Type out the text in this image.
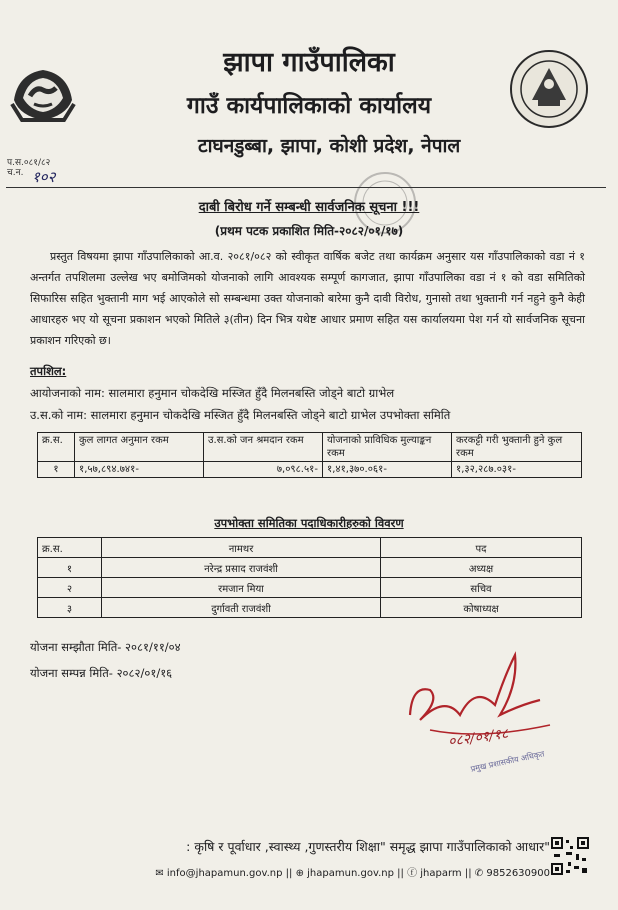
झापा गाउँपालिका
गाउँ कार्यपालिकाको कार्यालय
टाघनडुब्बा, झापा, कोशी प्रदेश, नेपाल
प.स.०८१/८२
च.न. १०२
दाबी बिरोध गर्ने सम्बन्धी सार्वजनिक सूचना !!!
(प्रथम पटक प्रकाशित मिति-२०८२/०१/१७)
प्रस्तुत विषयमा झापा गाँउपालिकाको आ.व. २०८१/०८२ को स्वीकृत वार्षिक बजेट तथा कार्यक्रम अनुसार यस गाँउपालिकाको वडा नं १ अन्तर्गत तपशिलमा उल्लेख भए बमोजिमको योजनाको लागि आवश्यक सम्पूर्ण कागजात, झापा गाँउपालिका वडा नं १ को वडा समितिको सिफारिस सहित भुक्तानी माग भई आएकोले सो सम्बन्धमा उक्त योजनाको बारेमा कुनै दावी विरोध, गुनासो तथा भुक्तानी गर्न नहुने कुनै केही आधारहरु भए यो सूचना प्रकाशन भएको मितिले ३(तीन) दिन भित्र यथेष्ट आधार प्रमाण सहित यस कार्यालयमा पेश गर्न यो सार्वजनिक सूचना प्रकाशन गरिएको छ।
तपशिल:
आयोजनाको नाम: सालमारा हनुमान चोकदेखि मस्जित हुँदै मिलनबस्ति जोड्ने बाटो ग्राभेल
उ.स.को नाम: सालमारा हनुमान चोकदेखि मस्जित हुँदै मिलनबस्ति जोड्ने बाटो ग्राभेल उपभोक्ता समिति
क्र.स.	कुल लागत अनुमान रकम	उ.स.को जन श्रमदान रकम	योजनाको प्राविधिक मुल्याङ्कन रकम	करकट्टी गरी भुक्तानी हुने कुल रकम
१	१,५७,८९४.७४१-	७,०९८.५१-	१,४१,३७०.०६१-	१,३२,२८७.०३१-
उपभोक्ता समितिका पदाधिकारीहरुको विवरण
क्र.स.	नामथर	पद
१	नरेन्द्र प्रसाद राजवंशी	अध्यक्ष
२	रमजान मिया	सचिव
३	दुर्गावती राजवंशी	कोषाध्यक्ष
योजना सम्झौता मिति- २०८१/११/०४
योजना सम्पन्न मिति- २०८२/०१/१६
०८२/०१/१८
प्रमुख प्रशासकीय अधिकृत
: कृषि र पूर्वाधार ,स्वास्थ्य ,गुणस्तरीय शिक्षा" समृद्ध झापा गाउँपालिकाको आधार"
✉ info@jhapamun.gov.np || ⊕ jhapamun.gov.np || ⓕ jhaparm || ✆ 9852630900
